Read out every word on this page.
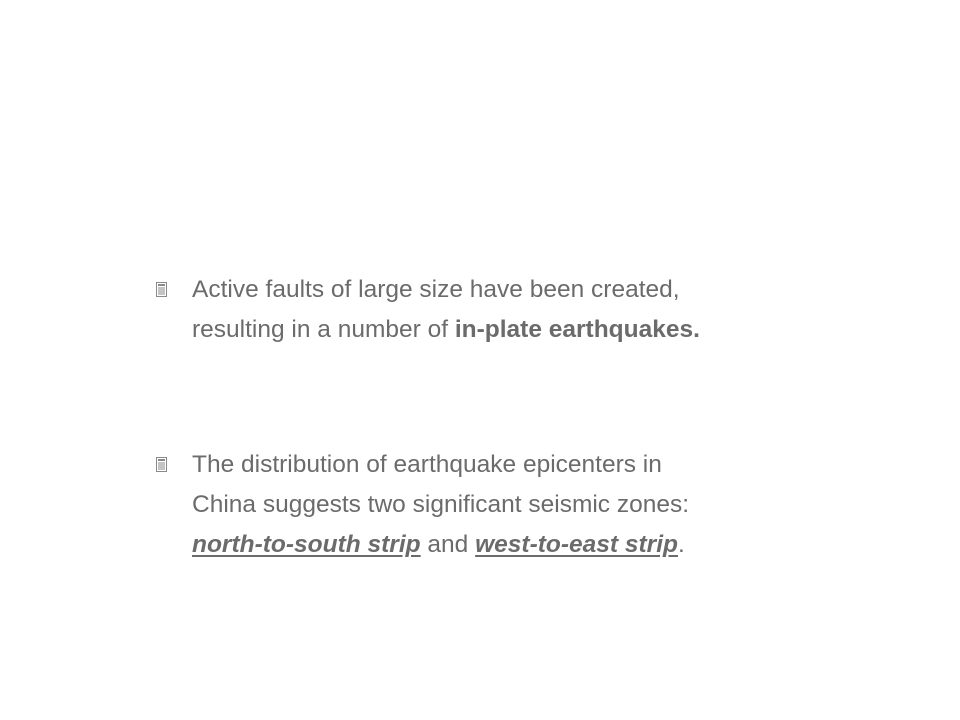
Active faults of large size have been created,
resulting in a number of in-plate earthquakes.
The distribution of earthquake epicenters in
China suggests two significant seismic zones:
north-to-south strip and west-to-east strip.
